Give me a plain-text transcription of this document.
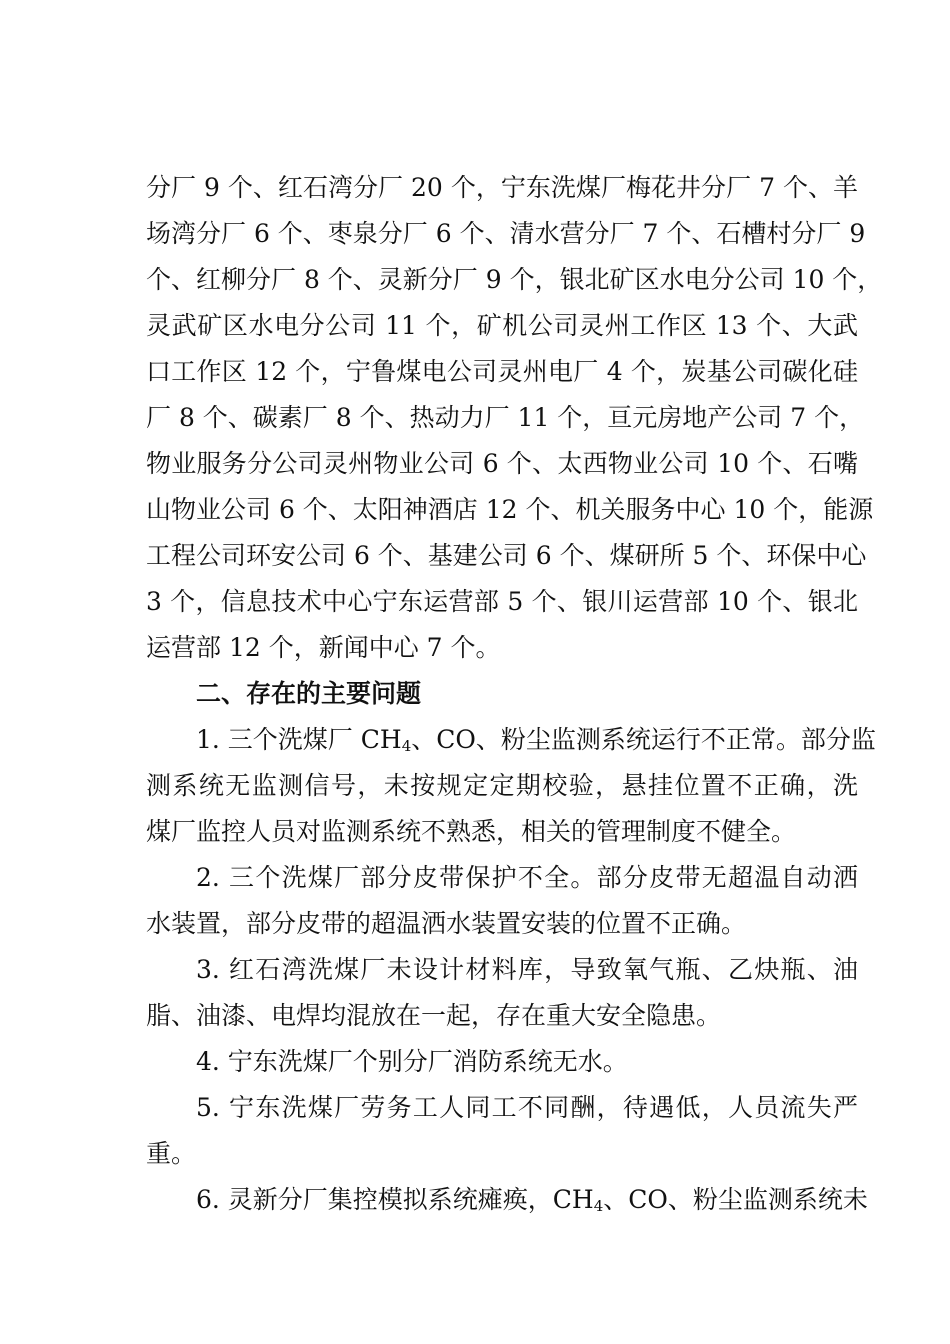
分厂 9 个、红石湾分厂 20 个，宁东洗煤厂梅花井分厂 7 个、羊
场湾分厂 6 个、枣泉分厂 6 个、清水营分厂 7 个、石槽村分厂 9
个、红柳分厂 8 个、灵新分厂 9 个，银北矿区水电分公司 10 个，
灵武矿区水电分公司 11 个，矿机公司灵州工作区 13 个、大武
口工作区 12 个，宁鲁煤电公司灵州电厂 4 个，炭基公司碳化硅
厂 8 个、碳素厂 8 个、热动力厂 11 个，亘元房地产公司 7 个，
物业服务分公司灵州物业公司 6 个、太西物业公司 10 个、石嘴
山物业公司 6 个、太阳神酒店 12 个、机关服务中心 10 个，能源
工程公司环安公司 6 个、基建公司 6 个、煤研所 5 个、环保中心
3 个，信息技术中心宁东运营部 5 个、银川运营部 10 个、银北
运营部 12 个，新闻中心 7 个。
二、存在的主要问题
1. 三个洗煤厂 $CH_4$、CO、粉尘监测系统运行不正常。部分监
测系统无监测信号，未按规定定期校验，悬挂位置不正确，洗
煤厂监控人员对监测系统不熟悉，相关的管理制度不健全。
2. 三个洗煤厂部分皮带保护不全。部分皮带无超温自动洒
水装置，部分皮带的超温洒水装置安装的位置不正确。
3. 红石湾洗煤厂未设计材料库，导致氧气瓶、乙炔瓶、油
脂、油漆、电焊均混放在一起，存在重大安全隐患。
4. 宁东洗煤厂个别分厂消防系统无水。
5. 宁东洗煤厂劳务工人同工不同酬，待遇低，人员流失严
重。
6. 灵新分厂集控模拟系统瘫痪，$CH_4$、CO、粉尘监测系统未
